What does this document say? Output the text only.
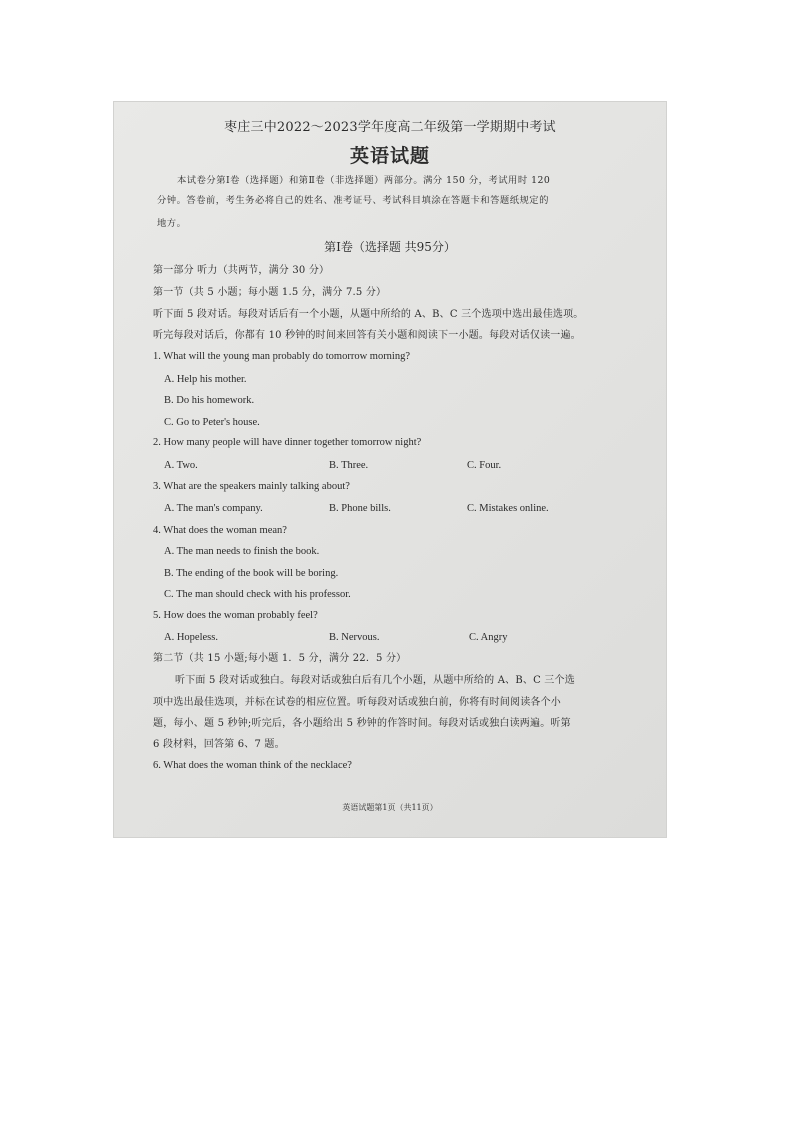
枣庄三中2022～2023学年度高二年级第一学期期中考试
英语试题
本试卷分第Ⅰ卷（选择题）和第Ⅱ卷（非选择题）两部分。满分 150 分，考试用时 120
分钟。答卷前，考生务必将自己的姓名、准考证号、考试科目填涂在答题卡和答题纸规定的
地方。
第Ⅰ卷（选择题 共95分）
第一部分 听力（共两节，满分 30 分）
第一节（共 5 小题；每小题 1.5 分，满分 7.5 分）
听下面 5 段对话。每段对话后有一个小题，从题中所给的 A、B、C 三个选项中选出最佳选项。
听完每段对话后，你都有 10 秒钟的时间来回答有关小题和阅读下一小题。每段对话仅读一遍。
1. What will the young man probably do tomorrow morning?
A. Help his mother.
B. Do his homework.
C. Go to Peter's house.
2. How many people will have dinner together tomorrow night?
A. Two.	B. Three.	C. Four.
3. What are the speakers mainly talking about?
A. The man's company.	B. Phone bills.	C. Mistakes online.
4. What does the woman mean?
A. The man needs to finish the book.
B. The ending of the book will be boring.
C. The man should check with his professor.
5. How does the woman probably feel?
A. Hopeless.	B. Nervous.	C. Angry
第二节（共 15 小题;每小题 1．5 分，满分 22．5 分）
听下面 5 段对话或独白。每段对话或独白后有几个小题，从题中所给的 A、B、C 三个选
项中选出最佳选项，并标在试卷的相应位置。听每段对话或独白前，你将有时间阅读各个小
题，每小、题 5 秒钟;听完后，各小题给出 5 秒钟的作答时间。每段对话或独白读两遍。听第
6 段材料，回答第 6、7 题。
6. What does the woman think of the necklace?
英语试题第1页（共11页）
